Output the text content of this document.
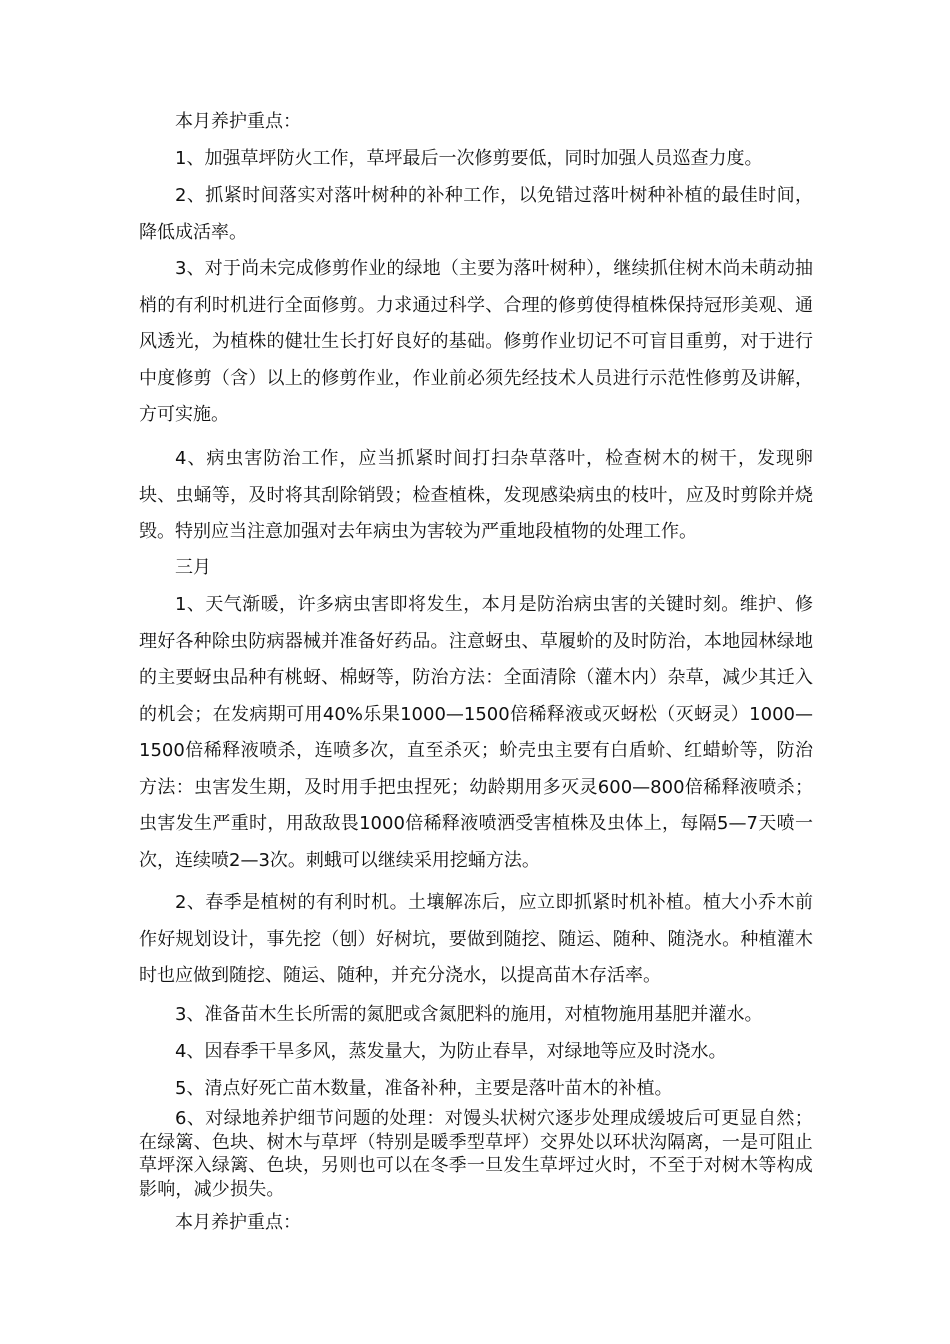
本月养护重点：

1、加强草坪防火工作，草坪最后一次修剪要低，同时加强人员巡查力度。

2、抓紧时间落实对落叶树种的补种工作，以免错过落叶树种补植的最佳时间，降低成活率。

3、对于尚未完成修剪作业的绿地（主要为落叶树种），继续抓住树木尚未萌动抽梢的有利时机进行全面修剪。力求通过科学、合理的修剪使得植株保持冠形美观、通风透光，为植株的健壮生长打好良好的基础。修剪作业切记不可盲目重剪，对于进行中度修剪（含）以上的修剪作业，作业前必须先经技术人员进行示范性修剪及讲解，方可实施。

4、病虫害防治工作，应当抓紧时间打扫杂草落叶，检查树木的树干，发现卵块、虫蛹等，及时将其刮除销毁；检查植株，发现感染病虫的枝叶，应及时剪除并烧毁。特别应当注意加强对去年病虫为害较为严重地段植物的处理工作。

三月

1、天气渐暖，许多病虫害即将发生，本月是防治病虫害的关键时刻。维护、修理好各种除虫防病器械并准备好药品。注意蚜虫、草履蚧的及时防治，本地园林绿地的主要蚜虫品种有桃蚜、棉蚜等，防治方法：全面清除（灌木内）杂草，减少其迁入的机会；在发病期可用40%乐果1000—1500倍稀释液或灭蚜松（灭蚜灵）1000—1500倍稀释液喷杀，连喷多次，直至杀灭；蚧壳虫主要有白盾蚧、红蜡蚧等，防治方法：虫害发生期，及时用手把虫捏死；幼龄期用多灭灵600—800倍稀释液喷杀；虫害发生严重时，用敌敌畏1000倍稀释液喷洒受害植株及虫体上，每隔5—7天喷一次，连续喷2—3次。刺蛾可以继续采用挖蛹方法。

2、春季是植树的有利时机。土壤解冻后，应立即抓紧时机补植。植大小乔木前作好规划设计，事先挖（刨）好树坑，要做到随挖、随运、随种、随浇水。种植灌木时也应做到随挖、随运、随种，并充分浇水，以提高苗木存活率。

3、准备苗木生长所需的氮肥或含氮肥料的施用，对植物施用基肥并灌水。

4、因春季干旱多风，蒸发量大，为防止春旱，对绿地等应及时浇水。

5、清点好死亡苗木数量，准备补种，主要是落叶苗木的补植。

6、对绿地养护细节问题的处理：对馒头状树穴逐步处理成缓坡后可更显自然；在绿篱、色块、树木与草坪（特别是暖季型草坪）交界处以环状沟隔离，一是可阻止草坪深入绿篱、色块，另则也可以在冬季一旦发生草坪过火时，不至于对树木等构成影响，减少损失。

本月养护重点：
